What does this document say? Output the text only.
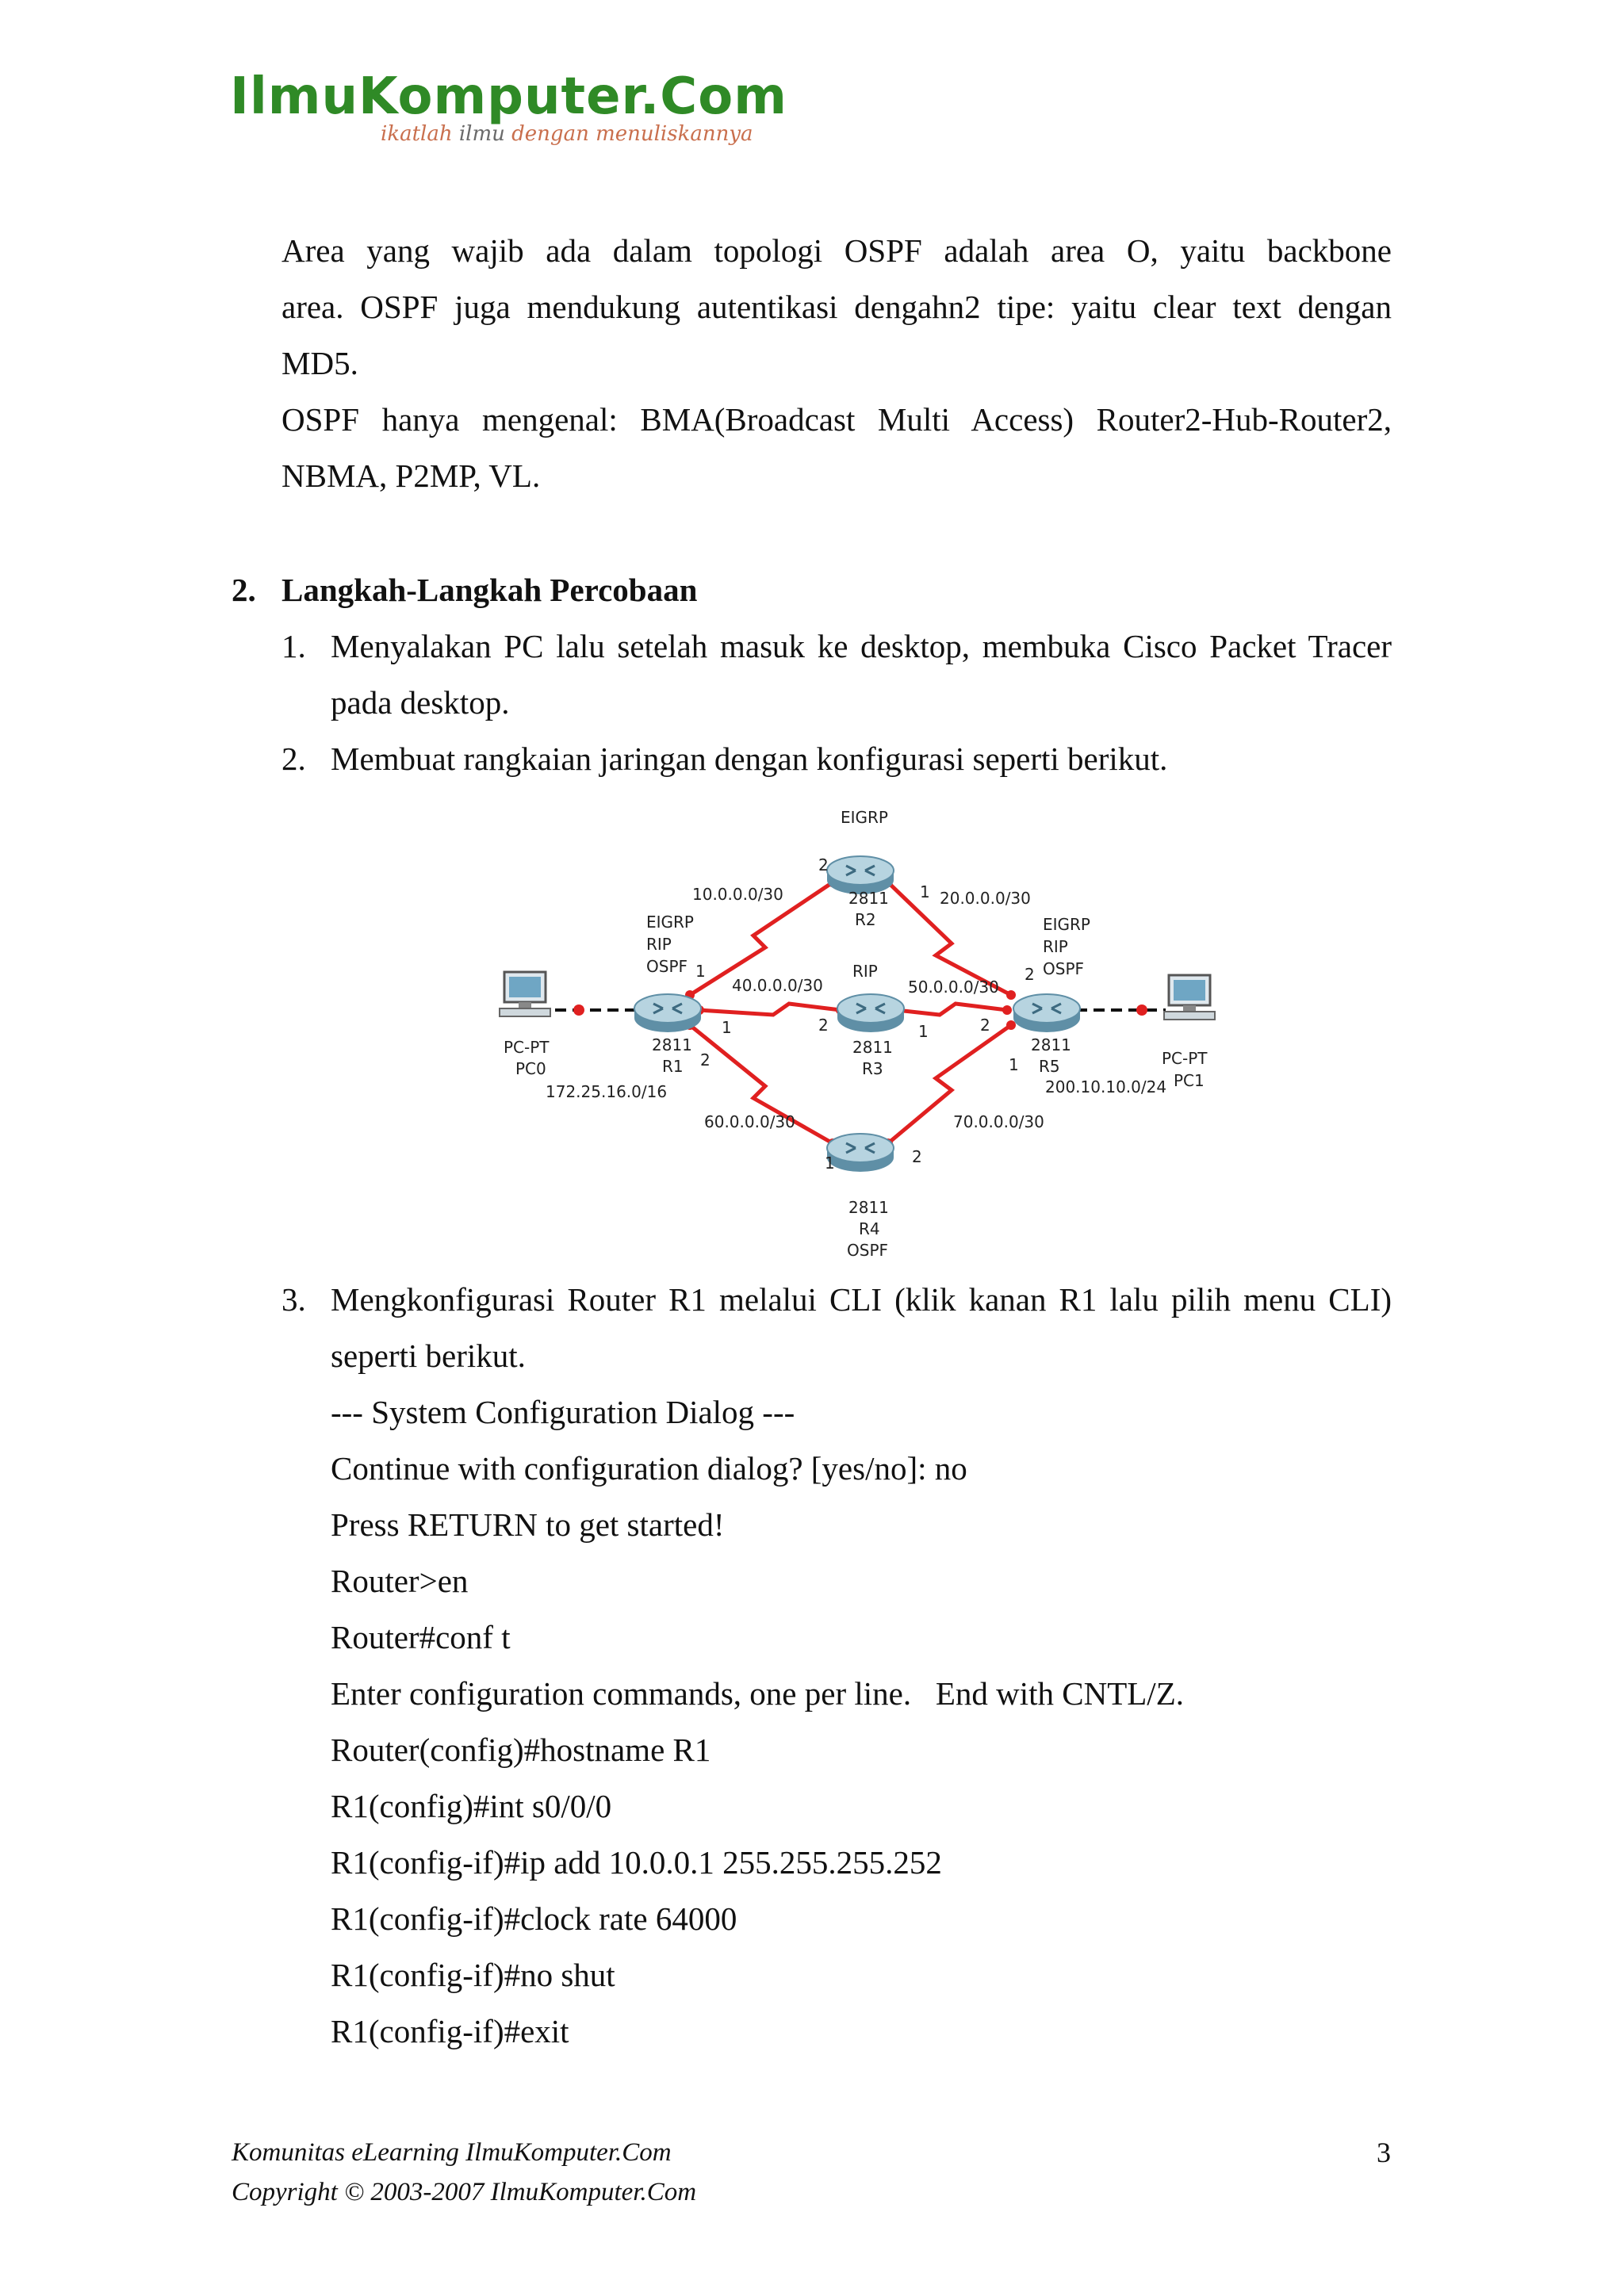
IlmuKomputer.Com
ikatlah ilmu dengan menuliskannya
Area yang wajib ada dalam topologi OSPF adalah area O, yaitu backbone
area. OSPF juga mendukung autentikasi dengahn2 tipe: yaitu clear text dengan
MD5.
OSPF hanya mengenal: BMA(Broadcast Multi Access) Router2-Hub-Router2,
NBMA, P2MP, VL.
2. Langkah-Langkah Percobaan
1. Menyalakan PC lalu setelah masuk ke desktop, membuka Cisco Packet Tracer
pada desktop.
2. Membuat rangkaian jaringan dengan konfigurasi seperti berikut.
EIGRP
2811
R2
EIGRP
RIP
OSPF
2811
R1
RIP
2811
R3
EIGRP
RIP
OSPF
2811
R5
2811
R4
OSPF
PC-PT
PC0
172.25.16.0/16
PC-PT
PC1
200.10.10.0/24
10.0.0.0/30	20.0.0.0/30
40.0.0.0/30	50.0.0.0/30
60.0.0.0/30	70.0.0.0/30
2
1
1	2
1	2	1	2
2
1	2
1
3. Mengkonfigurasi Router R1 melalui CLI (klik kanan R1 lalu pilih menu CLI)
seperti berikut.
--- System Configuration Dialog ---
Continue with configuration dialog? [yes/no]: no
Press RETURN to get started!
Router>en
Router#conf t
Enter configuration commands, one per line.   End with CNTL/Z.
Router(config)#hostname R1
R1(config)#int s0/0/0
R1(config-if)#ip add 10.0.0.1 255.255.255.252
R1(config-if)#clock rate 64000
R1(config-if)#no shut
R1(config-if)#exit
Komunitas eLearning IlmuKomputer.Com
Copyright © 2003-2007 IlmuKomputer.Com
3
